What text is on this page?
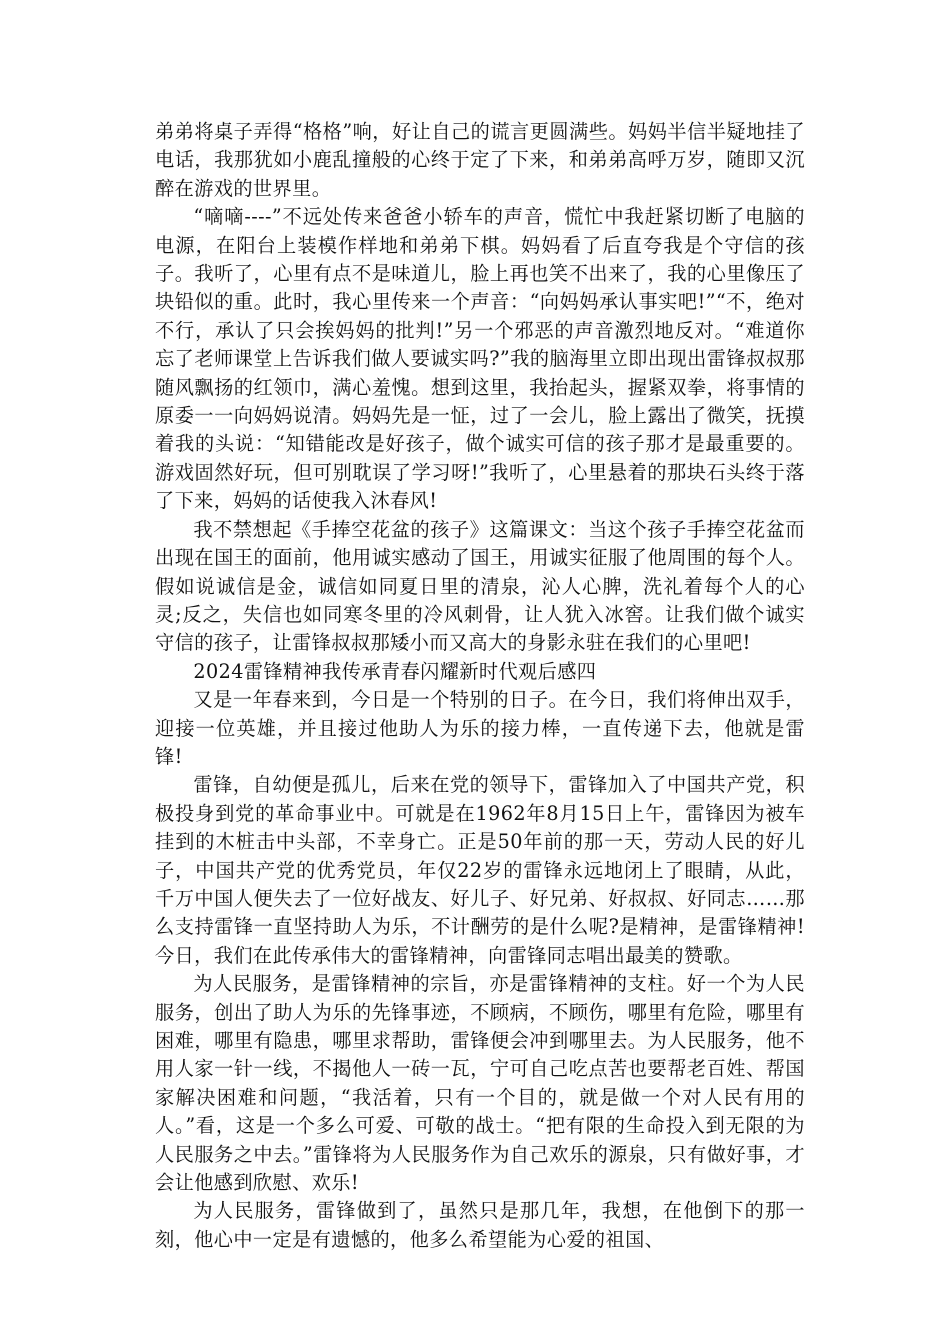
弟弟将桌子弄得“格格”响，好让自己的谎言更圆满些。妈妈半信半疑地挂了电话，我那犹如小鹿乱撞般的心终于定了下来，和弟弟高呼万岁，随即又沉醉在游戏的世界里。

“嘀嘀----”不远处传来爸爸小轿车的声音，慌忙中我赶紧切断了电脑的电源，在阳台上装模作样地和弟弟下棋。妈妈看了后直夸我是个守信的孩子。我听了，心里有点不是味道儿，脸上再也笑不出来了，我的心里像压了块铅似的重。此时，我心里传来一个声音：“向妈妈承认事实吧!”“不，绝对不行，承认了只会挨妈妈的批判!”另一个邪恶的声音激烈地反对。“难道你忘了老师课堂上告诉我们做人要诚实吗?”我的脑海里立即出现出雷锋叔叔那随风飘扬的红领巾，满心羞愧。想到这里，我抬起头，握紧双拳，将事情的原委一一向妈妈说清。妈妈先是一怔，过了一会儿，脸上露出了微笑，抚摸着我的头说：“知错能改是好孩子，做个诚实可信的孩子那才是最重要的。游戏固然好玩，但可别耽误了学习呀!”我听了，心里悬着的那块石头终于落了下来，妈妈的话使我入沐春风!

我不禁想起《手捧空花盆的孩子》这篇课文：当这个孩子手捧空花盆而出现在国王的面前，他用诚实感动了国王，用诚实征服了他周围的每个人。假如说诚信是金，诚信如同夏日里的清泉，沁人心脾，洗礼着每个人的心灵;反之，失信也如同寒冬里的冷风刺骨，让人犹入冰窖。让我们做个诚实守信的孩子，让雷锋叔叔那矮小而又高大的身影永驻在我们的心里吧!

2024雷锋精神我传承青春闪耀新时代观后感四

又是一年春来到，今日是一个特别的日子。在今日，我们将伸出双手，迎接一位英雄，并且接过他助人为乐的接力棒，一直传递下去，他就是雷锋!

雷锋，自幼便是孤儿，后来在党的领导下，雷锋加入了中国共产党，积极投身到党的革命事业中。可就是在1962年8月15日上午，雷锋因为被车挂到的木桩击中头部，不幸身亡。正是50年前的那一天，劳动人民的好儿子，中国共产党的优秀党员，年仅22岁的雷锋永远地闭上了眼睛，从此，千万中国人便失去了一位好战友、好儿子、好兄弟、好叔叔、好同志……那么支持雷锋一直坚持助人为乐，不计酬劳的是什么呢?是精神，是雷锋精神!今日，我们在此传承伟大的雷锋精神，向雷锋同志唱出最美的赞歌。

为人民服务，是雷锋精神的宗旨，亦是雷锋精神的支柱。好一个为人民服务，创出了助人为乐的先锋事迹，不顾病，不顾伤，哪里有危险，哪里有困难，哪里有隐患，哪里求帮助，雷锋便会冲到哪里去。为人民服务，他不用人家一针一线，不揭他人一砖一瓦，宁可自己吃点苦也要帮老百姓、帮国家解决困难和问题，“我活着，只有一个目的，就是做一个对人民有用的人。”看，这是一个多么可爱、可敬的战士。“把有限的生命投入到无限的为人民服务之中去。”雷锋将为人民服务作为自己欢乐的源泉，只有做好事，才会让他感到欣慰、欢乐!

为人民服务，雷锋做到了，虽然只是那几年，我想，在他倒下的那一刻，他心中一定是有遗憾的，他多么希望能为心爱的祖国、
